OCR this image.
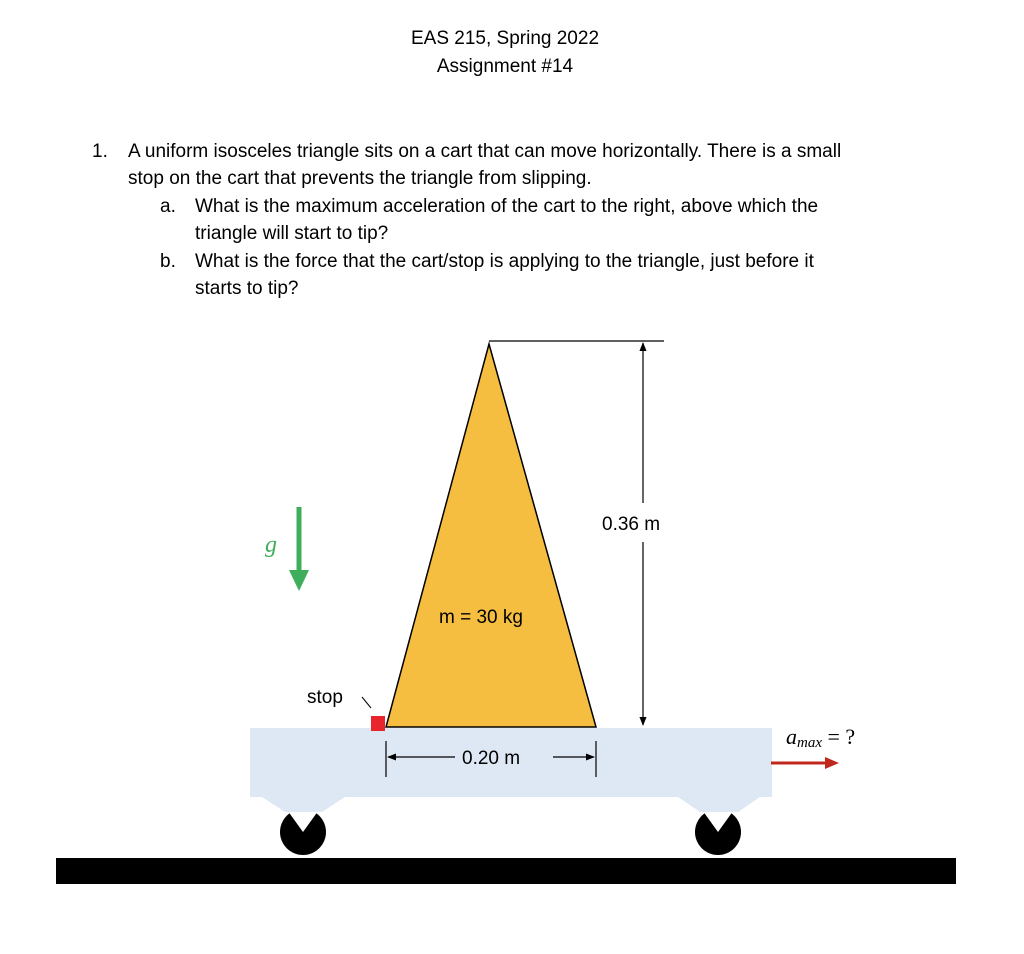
EAS 215, Spring 2022
Assignment #14
1. A uniform isosceles triangle sits on a cart that can move horizontally. There is a small
stop on the cart that prevents the triangle from slipping.
a. What is the maximum acceleration of the cart to the right, above which the
triangle will start to tip?
b. What is the force that the cart/stop is applying to the triangle, just before it
starts to tip?
stop
0.36 m
0.20 m
m = 30 kg
g
amax = ?
